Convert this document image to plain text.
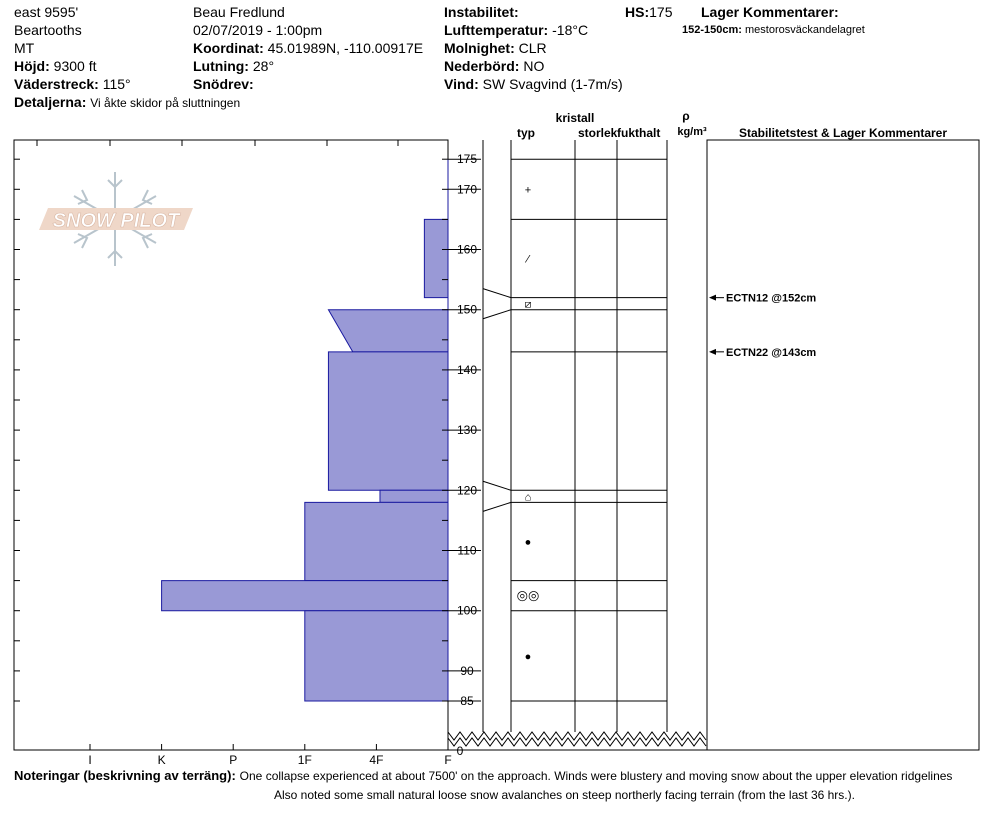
east 9595'
Beartooths
MT
Höjd: 9300 ft
Väderstreck: 115°
Detaljerna: Vi åkte skidor på sluttningen
Beau Fredlund
02/07/2019 - 1:00pm
Koordinat: 45.01989N, -110.00917E
Lutning: 28°
Snödrev:
Instabilitet:
Lufttemperatur: -18°C
Molnighet: CLR
Nederbörd: NO
Vind: SW Svagvind (1-7m/s)
HS:175 Lager Kommentarer:
152-150cm: mestorosväckandelagret
I	K	P	1F	4F	F
175
170
160
150
140
130
120
110
100
90
85
0
SNOW PILOT
+
⁄
⧄
⌂
●
◎◎
●
ECTN12 @152cm
ECTN22 @143cm
kristall
typ	storlek fukthalt
ρ
kg/m³	Stabilitetstest & Lager Kommentarer
Noteringar (beskrivning av terräng): One collapse experienced at about 7500' on the approach. Winds were blustery and moving snow about the upper elevation ridgelines
Also noted some small natural loose snow avalanches on steep northerly facing terrain (from the last 36 hrs.).
